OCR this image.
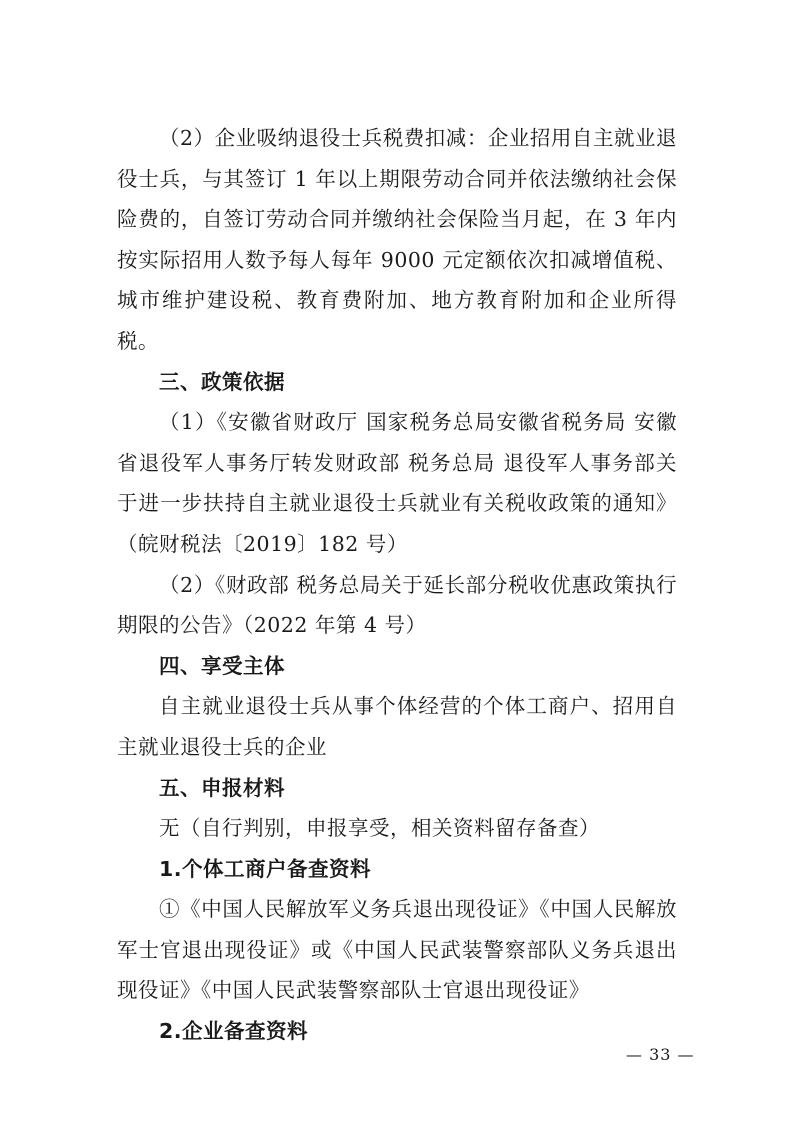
（2）企业吸纳退役士兵税费扣减：企业招用自主就业退役士兵，与其签订 1 年以上期限劳动合同并依法缴纳社会保险费的，自签订劳动合同并缴纳社会保险当月起，在 3 年内按实际招用人数予每人每年 9000 元定额依次扣减增值税、城市维护建设税、教育费附加、地方教育附加和企业所得税。

三、政策依据

（1）《安徽省财政厅 国家税务总局安徽省税务局 安徽省退役军人事务厅转发财政部 税务总局 退役军人事务部关于进一步扶持自主就业退役士兵就业有关税收政策的通知》（皖财税法〔2019〕182 号）

（2）《财政部 税务总局关于延长部分税收优惠政策执行期限的公告》（2022 年第 4 号）

四、享受主体

自主就业退役士兵从事个体经营的个体工商户、招用自主就业退役士兵的企业

五、申报材料

无（自行判别，申报享受，相关资料留存备查）

1.个体工商户备查资料

①《中国人民解放军义务兵退出现役证》《中国人民解放军士官退出现役证》或《中国人民武装警察部队义务兵退出现役证》《中国人民武装警察部队士官退出现役证》

2.企业备查资料

— 33 —
